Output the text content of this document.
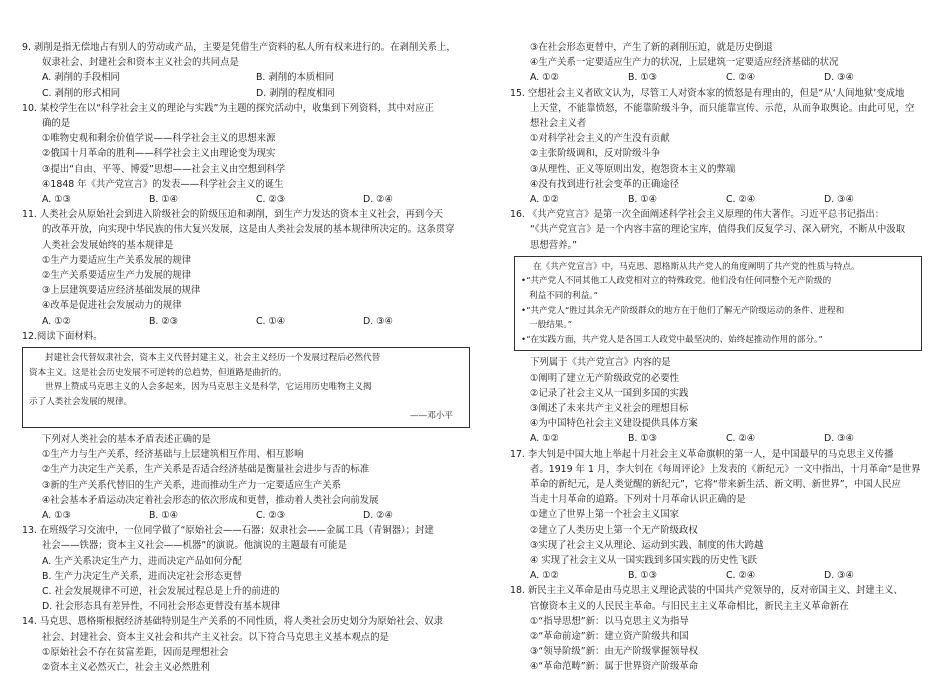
9. 剥削是指无偿地占有别人的劳动或产品，主要是凭借生产资料的私人所有权来进行的。在剥削关系上，
奴隶社会、封建社会和资本主义社会的共同点是
A. 剥削的手段相同	B. 剥削的本质相同
C. 剥削的形式相同	D. 剥削的程度相同
10. 某校学生在以“科学社会主义的理论与实践”为主题的探究活动中，收集到下列资料，其中对应正
确的是
①唯物史观和剩余价值学说——科学社会主义的思想来源
②俄国十月革命的胜利——科学社会主义由理论变为现实
③提出“自由、平等、博爱”思想——社会主义由空想到科学
④1848 年《共产党宣言》的发表——科学社会主义的诞生
A. ①③	B. ①④	C. ②③	D. ②④
11. 人类社会从原始社会到进入阶级社会的阶级压迫和剥削，到生产力发达的资本主义社会，再到今天
的改革开放，向实现中华民族的伟大复兴发展，这是由人类社会发展的基本规律所决定的。这条贯穿
人类社会发展始终的基本规律是
①生产力要适应生产关系发展的规律
②生产关系要适应生产力发展的规律
③上层建筑要适应经济基础发展的规律
④改革是促进社会发展动力的规律
A. ①②	B. ②③	C. ①④	D. ③④
12.阅读下面材料。
封建社会代替奴隶社会，资本主义代替封建主义，社会主义经历一个发展过程后必然代替
资本主义。这是社会历史发展不可逆转的总趋势，但道路是曲折的。
世界上赞成马克思主义的人会多起来，因为马克思主义是科学，它运用历史唯物主义揭
示了人类社会发展的规律。
——邓小平
下列对人类社会的基本矛盾表述正确的是
①生产力与生产关系，经济基础与上层建筑相互作用、相互影响
②生产力决定生产关系，生产关系是否适合经济基础是衡量社会进步与否的标准
③新的生产关系代替旧的生产关系，进而推动生产力一定要适应生产关系
④社会基本矛盾运动决定着社会形态的依次形成和更替，推动着人类社会向前发展
A. ①③	B. ①④	C. ②③	D. ②④
13. 在班级学习交流中，一位同学做了“原始社会——石器；奴隶社会——金属工具（青铜器）；封建
社会——铁器；资本主义社会——机器”的演说。他演说的主题最有可能是
A. 生产关系决定生产力，进而决定产品如何分配
B. 生产力决定生产关系，进而决定社会形态更替
C. 社会发展规律不可逆，社会发展过程总是上升的前进的
D. 社会形态具有差异性，不同社会形态更替没有基本规律
14. 马克思、恩格斯根据经济基础特别是生产关系的不同性质，将人类社会历史划分为原始社会、奴隶
社会、封建社会、资本主义社会和共产主义社会。以下符合马克思主义基本观点的是
①原始社会不存在贫富差距，因而是理想社会
②资本主义必然灭亡，社会主义必然胜利
③在社会形态更替中，产生了新的剥削压迫，就是历史倒退
④生产关系一定要适应生产力的状况，上层建筑一定要适应经济基础的状况
A. ①②	B. ①③	C. ②④	D. ③④
15. 空想社会主义者欧文认为，尽管工人对资本家的愤怒是有理由的，但是“从‘人间地狱’变成地
上天堂，不能靠愤怒，不能靠阶级斗争，而只能靠宣传、示范，从而争取舆论。由此可见，空
想社会主义者
①对科学社会主义的产生没有贡献
②主张阶级调和，反对阶级斗争
③从理性、正义等原则出发，抱怨资本主义的弊端
④没有找到进行社会变革的正确途径
A. ①②	B. ①④	C. ②④	D. ③④
16. 《共产党宣言》是第一次全面阐述科学社会主义原理的伟大著作。习近平总书记指出：
“《共产党宣言》是一个内容丰富的理论宝库，值得我们反复学习、深入研究，不断从中汲取
思想营养。”
在《共产党宣言》中，马克思、恩格斯从共产党人的角度阐明了共产党的性质与特点。
•“共产党人不同其他工人政党相对立的特殊政党。他们没有任何同整个无产阶级的
利益不同的利益。”
•“共产党人“胜过其余无产阶级群众的地方在于他们了解无产阶级运动的条件、进程和
一般结果。”
•“在实践方面，共产党人是各国工人政党中最坚决的、始终起推动作用的部分。”
下列属于《共产党宣言》内容的是
①阐明了建立无产阶级政党的必要性
②记录了社会主义从一国到多国的实践
③阐述了未来共产主义社会的理想目标
④为中国特色社会主义建设提供具体方案
A. ①②	B. ①③	C. ②④	D. ③④
17. 李大钊是中国大地上举起十月社会主义革命旗帜的第一人，是中国最早的马克思主义传播
者。1919 年 1 月，李大钊在《每周评论》上发表的《新纪元》一文中指出，十月革命“是世界
革命的新纪元，是人类觉醒的新纪元”，它将“带来新生活、新文明、新世界”，中国人民应
当走十月革命的道路。下列对十月革命认识正确的是
①建立了世界上第一个社会主义国家
②建立了人类历史上第一个无产阶级政权
③实现了社会主义从理论、运动到实践、制度的伟大跨越
④ 实现了社会主义从一国实践到多国实践的历史性飞跃
A. ①②	B. ①③	C. ②④	D. ③④
18. 新民主主义革命是由马克思主义理论武装的中国共产党领导的，反对帝国主义、封建主义、
官僚资本主义的人民民主革命。与旧民主主义革命相比，新民主主义革命新在
①“指导思想”新：以马克思主义为指导
②“革命前途”新：建立资产阶级共和国
③“领导阶级”新：由无产阶级掌握领导权
④“革命范畴”新：属于世界资产阶级革命
